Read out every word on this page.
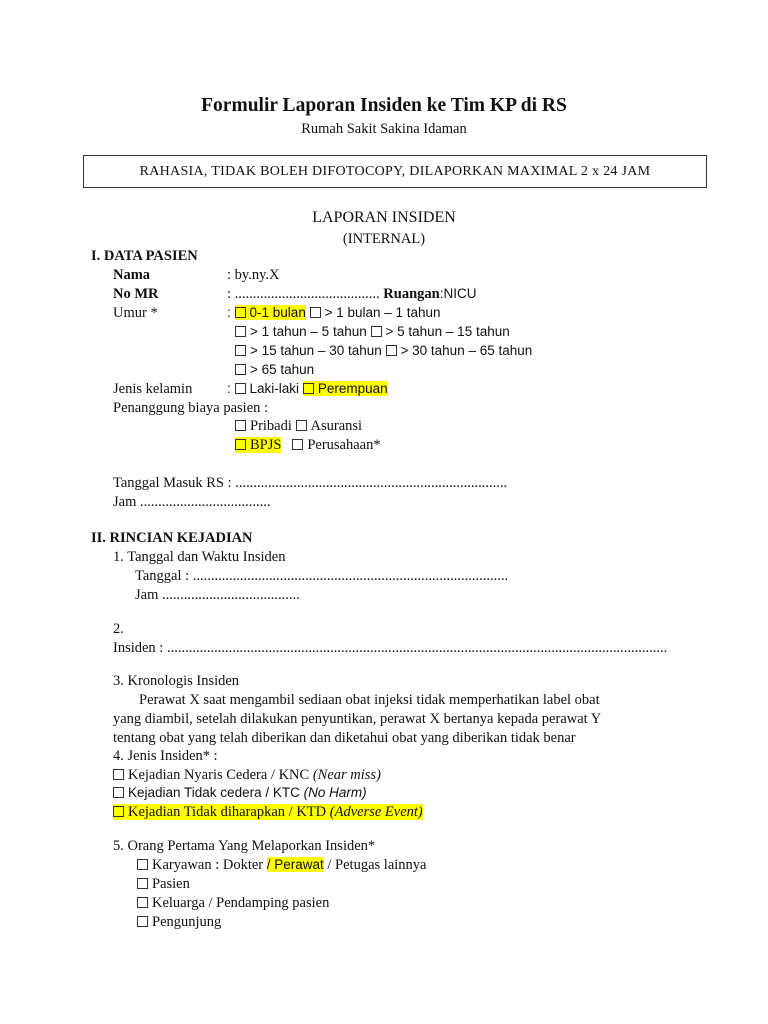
Formulir Laporan Insiden ke Tim KP di RS
Rumah Sakit Sakina Idaman
RAHASIA, TIDAK BOLEH DIFOTOCOPY, DILAPORKAN MAXIMAL 2 x 24 JAM
LAPORAN INSIDEN
(INTERNAL)
I. DATA PASIEN
Nama	: by.ny.X
No MR	: ........................................ Ruangan:NICU
Umur *	: 0-1 bulan > 1 bulan – 1 tahun
> 1 tahun – 5 tahun > 5 tahun – 15 tahun
> 15 tahun – 30 tahun > 30 tahun – 65 tahun
> 65 tahun
Jenis kelamin	: Laki-laki Perempuan
Penanggung biaya pasien :
Pribadi Asuransi
BPJS Perusahaan*
Tanggal Masuk RS : ...........................................................................
Jam ....................................
II. RINCIAN KEJADIAN
1. Tanggal dan Waktu Insiden
Tanggal : .......................................................................................
Jam ......................................
2.
Insiden : ..........................................................................................................................................
3. Kronologis Insiden
Perawat X saat mengambil sediaan obat injeksi tidak memperhatikan label obat
yang diambil, setelah dilakukan penyuntikan, perawat X bertanya kepada perawat Y
tentang obat yang telah diberikan dan diketahui obat yang diberikan tidak benar
4. Jenis Insiden* :
Kejadian Nyaris Cedera / KNC (Near miss)
Kejadian Tidak cedera / KTC (No Harm)
Kejadian Tidak diharapkan / KTD (Adverse Event)
5. Orang Pertama Yang Melaporkan Insiden*
Karyawan : Dokter / Perawat / Petugas lainnya
Pasien
Keluarga / Pendamping pasien
Pengunjung
